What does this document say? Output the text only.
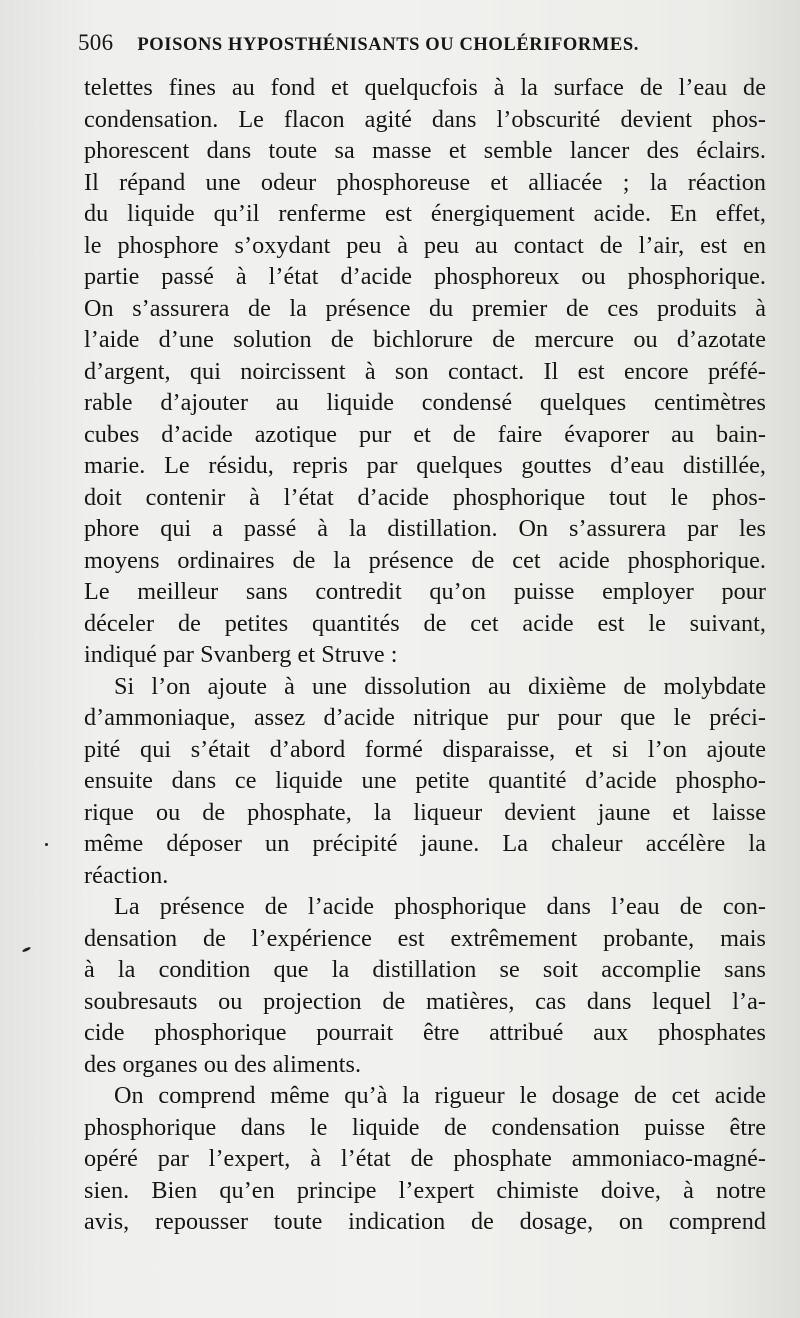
506 POISONS HYPOSTHÉNISANTS OU CHOLÉRIFORMES.
telettes fines au fond et quelqucfois à la surface de l’eau de
condensation. Le flacon agité dans l’obscurité devient phos-
phorescent dans toute sa masse et semble lancer des éclairs.
Il répand une odeur phosphoreuse et alliacée ; la réaction
du liquide qu’il renferme est énergiquement acide. En effet,
le phosphore s’oxydant peu à peu au contact de l’air, est en
partie passé à l’état d’acide phosphoreux ou phosphorique.
On s’assurera de la présence du premier de ces produits à
l’aide d’une solution de bichlorure de mercure ou d’azotate
d’argent, qui noircissent à son contact. Il est encore préfé-
rable d’ajouter au liquide condensé quelques centimètres
cubes d’acide azotique pur et de faire évaporer au bain-
marie. Le résidu, repris par quelques gouttes d’eau distillée,
doit contenir à l’état d’acide phosphorique tout le phos-
phore qui a passé à la distillation. On s’assurera par les
moyens ordinaires de la présence de cet acide phosphorique.
Le meilleur sans contredit qu’on puisse employer pour
déceler de petites quantités de cet acide est le suivant,
indiqué par Svanberg et Struve :
Si l’on ajoute à une dissolution au dixième de molybdate
d’ammoniaque, assez d’acide nitrique pur pour que le préci-
pité qui s’était d’abord formé disparaisse, et si l’on ajoute
ensuite dans ce liquide une petite quantité d’acide phospho-
rique ou de phosphate, la liqueur devient jaune et laisse
même déposer un précipité jaune. La chaleur accélère la
réaction.
La présence de l’acide phosphorique dans l’eau de con-
densation de l’expérience est extrêmement probante, mais
à la condition que la distillation se soit accomplie sans
soubresauts ou projection de matières, cas dans lequel l’a-
cide phosphorique pourrait être attribué aux phosphates
des organes ou des aliments.
On comprend même qu’à la rigueur le dosage de cet acide
phosphorique dans le liquide de condensation puisse être
opéré par l’expert, à l’état de phosphate ammoniaco-magné-
sien. Bien qu’en principe l’expert chimiste doive, à notre
avis, repousser toute indication de dosage, on comprend
